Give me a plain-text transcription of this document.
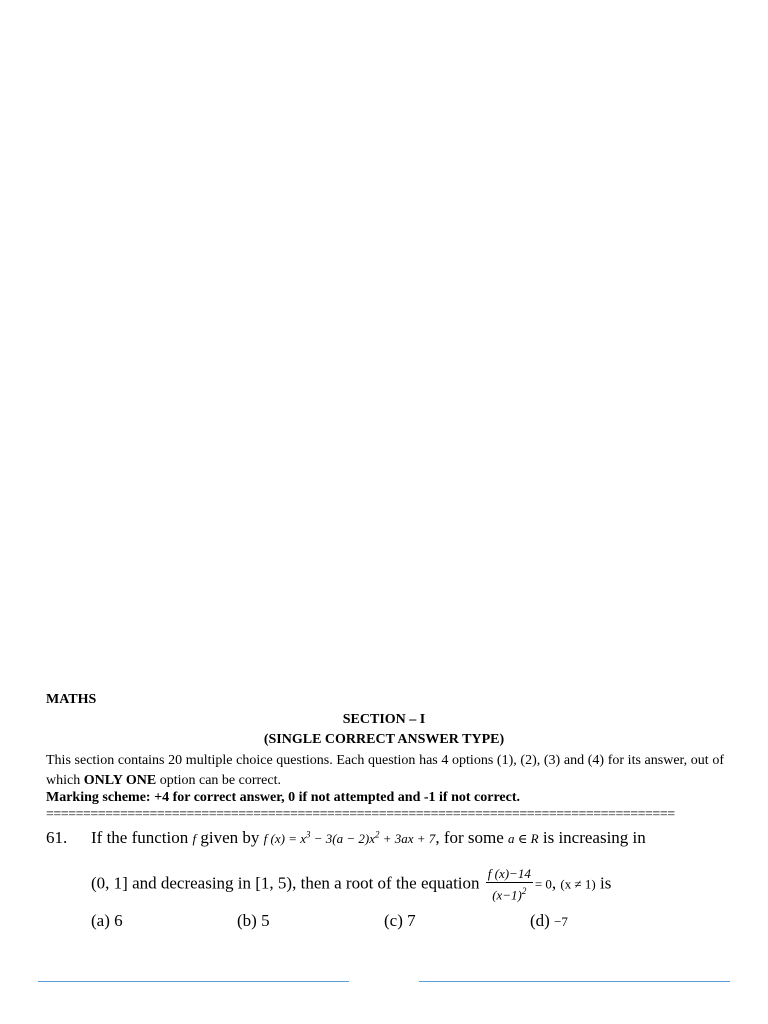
MATHS
SECTION – I
(SINGLE CORRECT ANSWER TYPE)
This section contains 20 multiple choice questions. Each question has 4 options (1), (2), (3) and (4) for its answer, out of which ONLY ONE option can be correct.
Marking scheme: +4 for correct answer, 0 if not attempted and -1 if not correct.
=====================================================================================
61. If the function f given by f $(x) = x^3 - 3(a - 2)x^2 + 3ax + 7$, for some a ∈ R is increasing in
(0, 1] and decreasing in [1, 5), then a root of the equation $\frac{f (x)-14}{(x-1)^2} = 0$, (x ≠ 1) is
(a) 6	(b) 5	(c) 7	(d) −7
